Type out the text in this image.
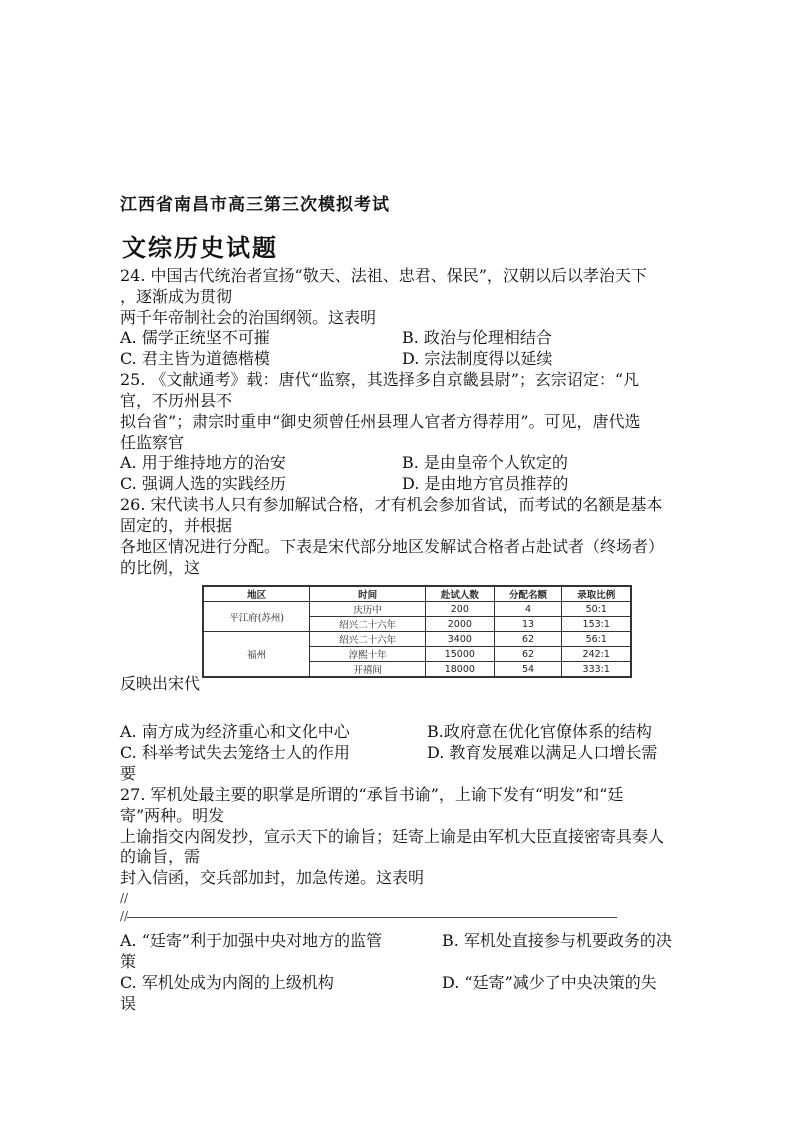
江西省南昌市高三第三次模拟考试
文综历史试题
24. 中国古代统治者宣扬“敬天、法祖、忠君、保民”，汉朝以后以孝治天下
，逐渐成为贯彻
两千年帝制社会的治国纲领。这表明
A. 儒学正统坚不可摧	B. 政治与伦理相结合
C. 君主皆为道德楷模	D. 宗法制度得以延续
25. 《文献通考》载：唐代“监察，其选择多自京畿县尉”；玄宗诏定：“凡
官，不历州县不
拟台省”；肃宗时重申“御史须曾任州县理人官者方得荐用”。可见，唐代选
任监察官
A. 用于维持地方的治安	B. 是由皇帝个人钦定的
C. 强调人选的实践经历	D. 是由地方官员推荐的
26. 宋代读书人只有参加解试合格，才有机会参加省试，而考试的名额是基本
固定的，并根据
各地区情况进行分配。下表是宋代部分地区发解试合格者占赴试者（终场者）
的比例，这
地区	时间	赴试人数	分配名额	录取比例
平江府(苏州)	庆历中	200	4	50:1
	绍兴二十六年	2000	13	153:1
福州	绍兴二十六年	3400	62	56:1
	淳熙十年	15000	62	242:1
	开禧间	18000	54	333:1
反映出宋代
A. 南方成为经济重心和文化中心	B.政府意在优化官僚体系的结构
C. 科举考试失去笼络士人的作用	D. 教育发展难以满足人口增长需
要
27. 军机处最主要的职掌是所谓的“承旨书谕”，上谕下发有“明发”和“廷
寄”两种。明发
上谕指交内阁发抄，宣示天下的谕旨；廷寄上谕是由军机大臣直接密寄具奏人
的谕旨，需
封入信函，交兵部加封，加急传递。这表明
//
//
A. “廷寄”利于加强中央对地方的监管	B. 军机处直接参与机要政务的决
策
C. 军机处成为内阁的上级机构	D. “廷寄”减少了中央决策的失
误
